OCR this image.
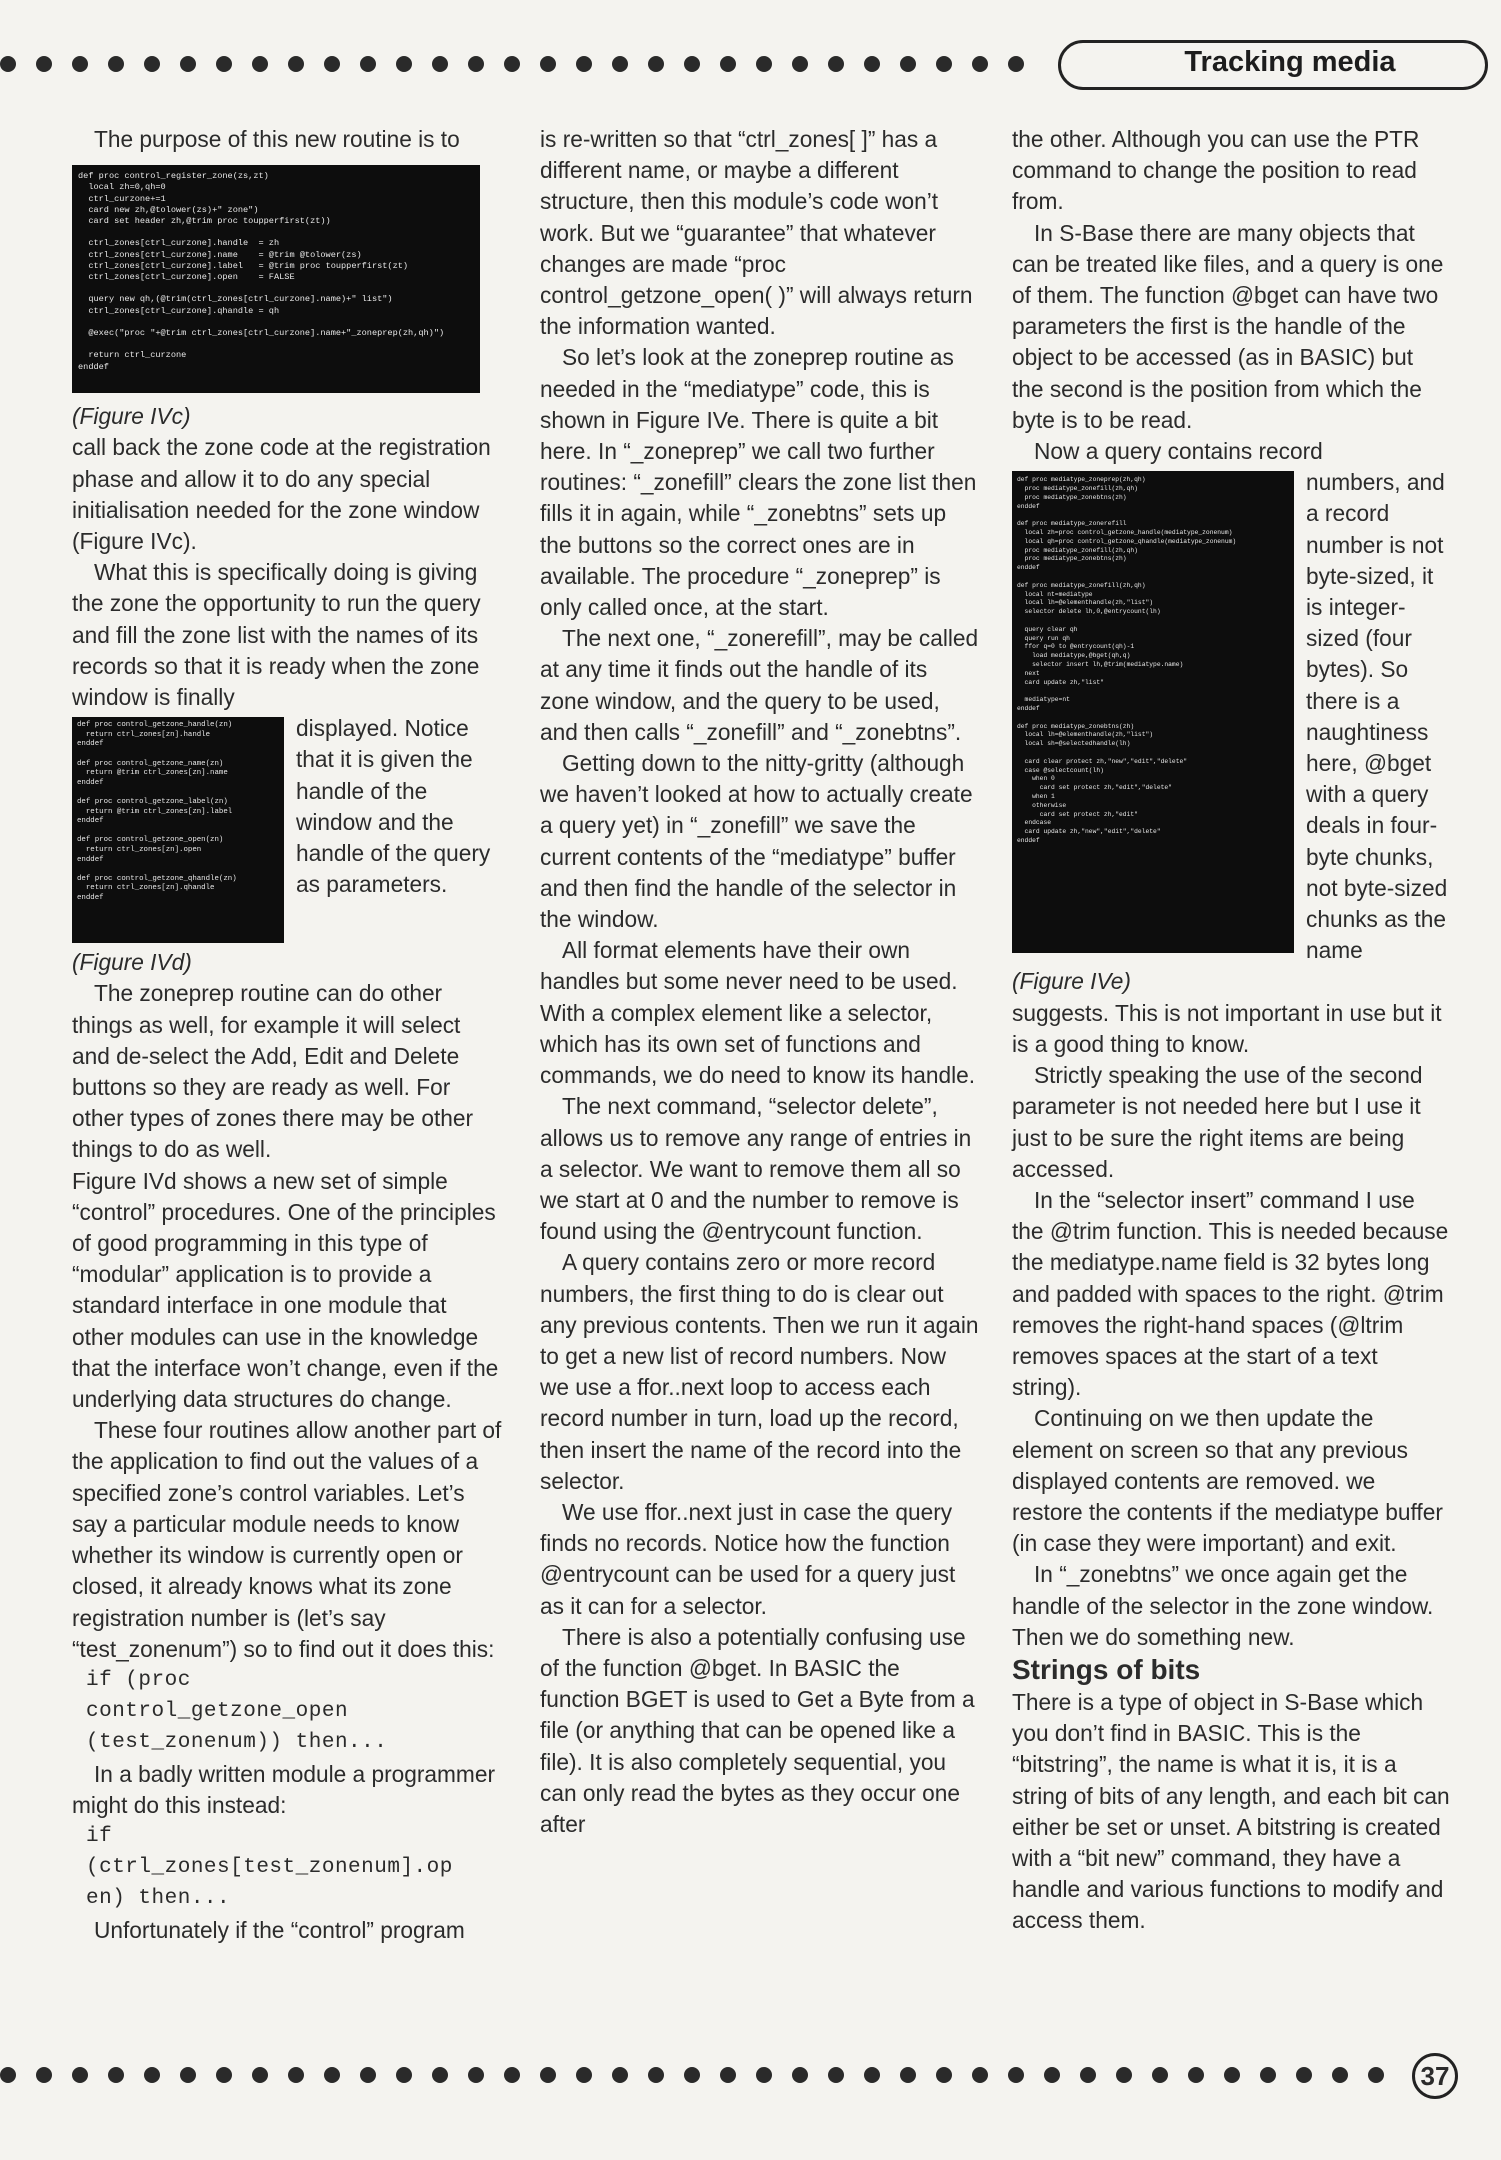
Tracking media
37

The purpose of this new routine is to

def proc control_register_zone(zs,zt)
local zh=0,qh=0
ctrl_curzone+=1
card new zh,@tolower(zs)+" zone")
card set header zh,@trim proc toupperfirst(zt))

ctrl_zones[ctrl_curzone].handle  = zh
ctrl_zones[ctrl_curzone].name    = @trim @tolower(zs)
ctrl_zones[ctrl_curzone].label   = @trim proc toupperfirst(zt)
ctrl_zones[ctrl_curzone].open    = FALSE

query new qh,(@trim(ctrl_zones[ctrl_curzone].name)+" list")
ctrl_zones[ctrl_curzone].qhandle = qh

@exec("proc "+@trim ctrl_zones[ctrl_curzone].name+"_zoneprep(zh,qh)")

return ctrl_curzone
enddef

(Figure IVc)

call back the zone code at the registration phase and allow it to do any special initialisation needed for the zone window (Figure IVc).

What this is specifically doing is giving the zone the opportunity to run the query and fill the zone list with the names of its records so that it is ready when the zone window is finally

def proc control_getzone_handle(zn)
return ctrl_zones[zn].handle
enddef

def proc control_getzone_name(zn)
return @trim ctrl_zones[zn].name
enddef

def proc control_getzone_label(zn)
return @trim ctrl_zones[zn].label
enddef

def proc control_getzone_open(zn)
return ctrl_zones[zn].open
enddef

def proc control_getzone_qhandle(zn)
return ctrl_zones[zn].qhandle
enddef

displayed. Notice that it is given the handle of the window and the handle of the query as parameters.

(Figure IVd)

The zoneprep routine can do other things as well, for example it will select and de-select the Add, Edit and Delete buttons so they are ready as well. For other types of zones there may be other things to do as well.

Figure IVd shows a new set of simple “control” procedures. One of the principles of good programming in this type of “modular” application is to provide a standard interface in one module that other modules can use in the knowledge that the interface won’t change, even if the underlying data structures do change.

These four routines allow another part of the application to find out the values of a specified zone’s control variables. Let’s say a particular module needs to know whether its window is currently open or closed, it already knows what its zone registration number is (let’s say “test_zonenum”) so to find out it does this:

if (proc

control_getzone_open

(test_zonenum)) then...

In a badly written module a programmer might do this instead:

if

(ctrl_zones[test_zonenum].op

en) then...

Unfortunately if the “control” program

is re-written so that “ctrl_zones[ ]” has a different name, or maybe a different structure, then this module’s code won’t work. But we “guarantee” that whatever changes are made “proc control_getzone_open( )” will always return the information wanted.

So let’s look at the zoneprep routine as needed in the “mediatype” code, this is shown in Figure IVe. There is quite a bit here. In “_zoneprep” we call two further routines: “_zonefill” clears the zone list then fills it in again, while “_zonebtns” sets up the buttons so the correct ones are in available. The procedure “_zoneprep” is only called once, at the start.

The next one, “_zonerefill”, may be called at any time it finds out the handle of its zone window, and the query to be used, and then calls “_zonefill” and “_zonebtns”.

Getting down to the nitty-gritty (although we haven’t looked at how to actually create a query yet) in “_zonefill” we save the current contents of the “mediatype” buffer and then find the handle of the selector in the window.

All format elements have their own handles but some never need to be used. With a complex element like a selector, which has its own set of functions and commands, we do need to know its handle.

The next command, “selector delete”, allows us to remove any range of entries in a selector. We want to remove them all so we start at 0 and the number to remove is found using the @entrycount function.

A query contains zero or more record numbers, the first thing to do is clear out any previous contents. Then we run it again to get a new list of record numbers. Now we use a ffor..next loop to access each record number in turn, load up the record, then insert the name of the record into the selector.

We use ffor..next just in case the query finds no records. Notice how the function @entrycount can be used for a query just as it can for a selector.

There is also a potentially confusing use of the function @bget. In BASIC the function BGET is used to Get a Byte from a file (or anything that can be opened like a file). It is also completely sequential, you can only read the bytes as they occur one after

the other. Although you can use the PTR command to change the position to read from.

In S-Base there are many objects that can be treated like files, and a query is one of them. The function @bget can have two parameters the first is the handle of the object to be accessed (as in BASIC) but the second is the position from which the byte is to be read.

Now a query contains record

def proc mediatype_zoneprep(zh,qh)
proc mediatype_zonefill(zh,qh)
proc mediatype_zonebtns(zh)
enddef

def proc mediatype_zonerefill
local zh=proc control_getzone_handle(mediatype_zonenum)
local qh=proc control_getzone_qhandle(mediatype_zonenum)
proc mediatype_zonefill(zh,qh)
proc mediatype_zonebtns(zh)
enddef

def proc mediatype_zonefill(zh,qh)
local nt=mediatype
local lh=@elementhandle(zh,"list")
selector delete lh,0,@entrycount(lh)

query clear qh
query run qh
ffor q=0 to @entrycount(qh)-1
load mediatype,@bget(qh,q)
selector insert lh,@trim(mediatype.name)
next
card update zh,"list"

mediatype=nt
enddef

def proc mediatype_zonebtns(zh)
local lh=@elementhandle(zh,"list")
local sh=@selectedhandle(lh)

card clear protect zh,"new","edit","delete"
case @selectcount(lh)
when 0
card set protect zh,"edit","delete"
when 1
otherwise
card set protect zh,"edit"
endcase
card update zh,"new","edit","delete"
enddef

numbers, and a record number is not byte-sized, it is integer-sized (four bytes). So there is a naughtiness here, @bget with a query deals in four-byte chunks, not byte-sized chunks as the name

(Figure IVe)

suggests. This is not important in use but it is a good thing to know.

Strictly speaking the use of the second parameter is not needed here but I use it just to be sure the right items are being accessed.

In the “selector insert” command I use the @trim function. This is needed because the mediatype.name field is 32 bytes long and padded with spaces to the right. @trim removes the right-hand spaces (@ltrim removes spaces at the start of a text string).

Continuing on we then update the element on screen so that any previous displayed contents are removed. we restore the contents if the mediatype buffer (in case they were important) and exit.

In “_zonebtns” we once again get the handle of the selector in the zone window. Then we do something new.

Strings of bits

There is a type of object in S-Base which you don’t find in BASIC. This is the “bitstring”, the name is what it is, it is a string of bits of any length, and each bit can either be set or unset. A bitstring is created with a “bit new” command, they have a handle and various functions to modify and access them.
